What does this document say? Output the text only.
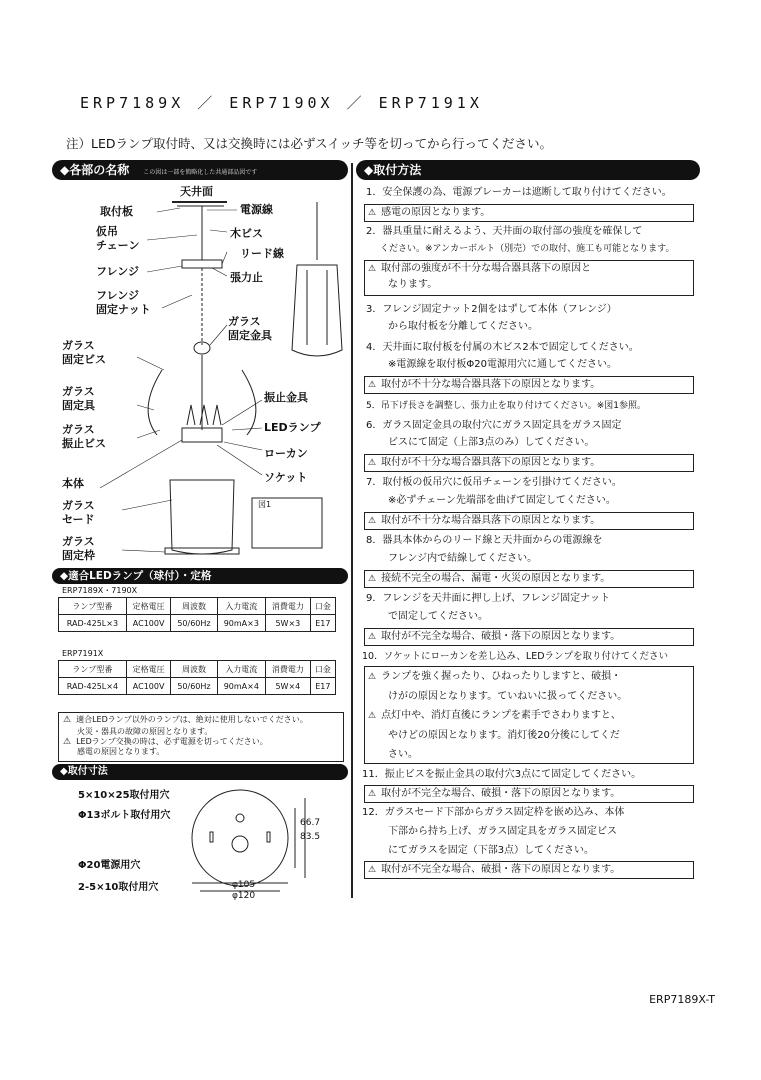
ERP7189X ／ ERP7190X ／ ERP7191X
注）LEDランプ取付時、又は交換時には必ずスイッチ等を切ってから行ってください。
◆各部の名称 この図は一部を簡略化した共通部品図です	◆取付方法
天井面
取付板	電源線
仮吊
チェーン
木ビス
リード線
フレンジ	張力止
フレンジ
固定ナット
ガラス
固定金具
ガラス
固定ビス
ガラス
固定具
振止金具
ガラス
振止ビス
LEDランプ
ローカン
本体	ソケット
ガラス
セード
ガラス
固定枠
図1
◆適合LEDランプ（球付）・定格
ERP7189X・7190X
ランプ型番	定格電圧	周波数	入力電流	消費電力	口金
RAD-425L×3	AC100V	50/60Hz	90mA×3	5W×3	E17
ERP7191X
ランプ型番	定格電圧	周波数	入力電流	消費電力	口金
RAD-425L×4	AC100V	50/60Hz	90mA×4	5W×4	E17
⚠ 適合LEDランプ以外のランプは、絶対に使用しないでください。
火災・器具の故障の原因となります。
⚠ LEDランプ交換の時は、必ず電源を切ってください。
感電の原因となります。
◆取付寸法
66.7
83.5
φ105
φ120
5×10×25取付用穴
Φ13ボルト取付用穴
Φ20電源用穴
2-5×10取付用穴
1．安全保護の為、電源ブレーカーは遮断して取り付けてください。
⚠ 感電の原因となります。
2．器具重量に耐えるよう、天井面の取付部の強度を確保して
ください。※アンカーボルト（別売）での取付、施工も可能となります。
⚠ 取付部の強度が不十分な場合器具落下の原因と
なります。
3．フレンジ固定ナット2個をはずして本体（フレンジ）
から取付板を分離してください。
4．天井面に取付板を付属の木ビス2本で固定してください。
※電源線を取付板Φ20電源用穴に通してください。
⚠ 取付が不十分な場合器具落下の原因となります。
5．吊下げ長さを調整し、張力止を取り付けてください。※図1参照。
6．ガラス固定金具の取付穴にガラス固定具をガラス固定
ビスにて固定（上部3点のみ）してください。
⚠ 取付が不十分な場合器具落下の原因となります。
7．取付板の仮吊穴に仮吊チェーンを引掛けてください。
※必ずチェーン先端部を曲げて固定してください。
⚠ 取付が不十分な場合器具落下の原因となります。
8．器具本体からのリード線と天井面からの電源線を
フレンジ内で結線してください。
⚠ 接続不完全の場合、漏電・火災の原因となります。
9．フレンジを天井面に押し上げ、フレンジ固定ナット
で固定してください。
⚠ 取付が不完全な場合、破損・落下の原因となります。
10．ソケットにローカンを差し込み、LEDランプを取り付けてください
⚠ ランプを強く握ったり、ひねったりしますと、破損・
けがの原因となります。ていねいに扱ってください。
⚠ 点灯中や、消灯直後にランプを素手でさわりますと、
やけどの原因となります。消灯後20分後にしてくだ
さい。
11．振止ビスを振止金具の取付穴3点にて固定してください。
⚠ 取付が不完全な場合、破損・落下の原因となります。
12．ガラスセード下部からガラス固定枠を嵌め込み、本体
下部から持ち上げ、ガラス固定具をガラス固定ビス
にてガラスを固定（下部3点）してください。
⚠ 取付が不完全な場合、破損・落下の原因となります。
ERP7189X-T
